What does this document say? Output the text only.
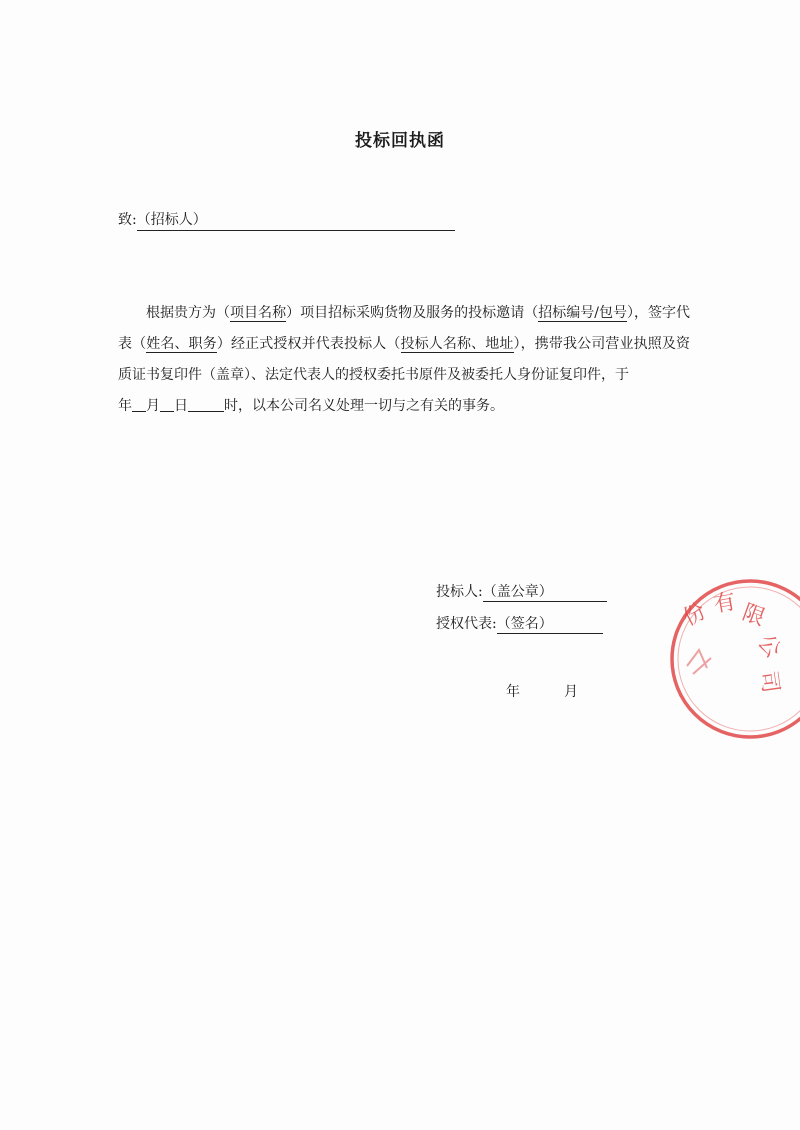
投标回执函
致:（招标人）

根据贵方为（项目名称）项目招标采购货物及服务的投标邀请（招标编号/包号），签字代表（姓名、职务）经正式授权并代表投标人（投标人名称、地址），携带我公司营业执照及资质证书复印件（盖章）、法定代表人的授权委托书原件及被委托人身份证复印件，于
年 月 日	时，以本公司名义处理一切与之有关的事务。

投标人:（盖公章）
授权代表:（签名）
年	月
份 有 限
公
司
